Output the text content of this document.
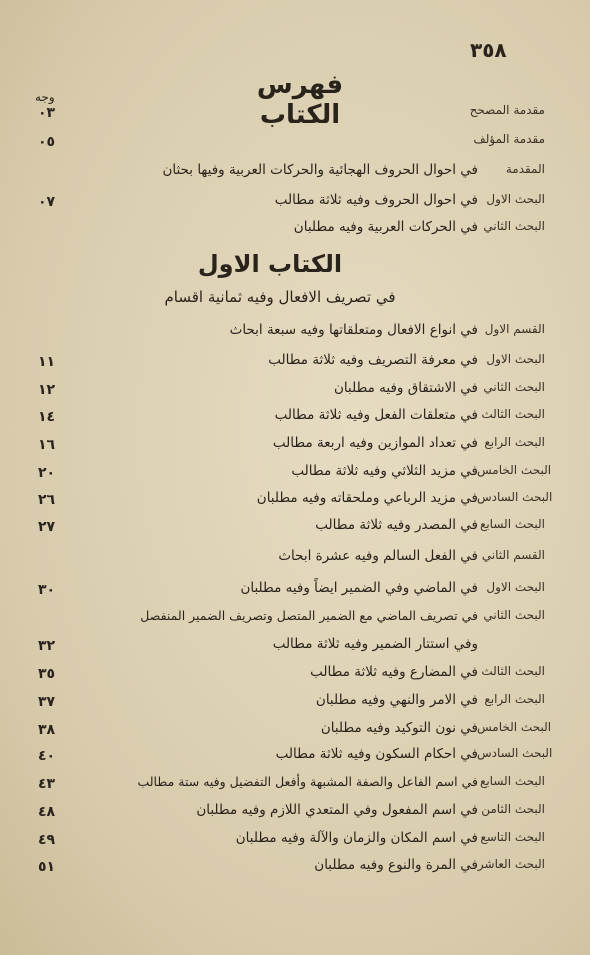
٣٥٨
فهرس الكتاب
وجه
مقدمة المصحح
٠٣
مقدمة المؤلف
٠٥
المقدمة
في احوال الحروف الهجائية والحركات العربية وفيها بحثان
البحث الاول
في احوال الحروف وفيه ثلاثة مطالب
٠٧
البحث الثاني
في الحركات العربية وفيه مطلبان
الكتاب الاول
في تصريف الافعال وفيه ثمانية اقسام
القسم الاول
في انواع الافعال ومتعلقاتها وفيه سبعة ابحاث
البحث الاول
في معرفة التصريف وفيه ثلاثة مطالب
١١
البحث الثاني
في الاشتقاق وفيه مطلبان
١٢
البحث الثالث
في متعلقات الفعل وفيه ثلاثة مطالب
١٤
البحث الرابع
في تعداد الموازين وفيه اربعة مطالب
١٦
البحث الخامس
في مزيد الثلاثي وفيه ثلاثة مطالب
٢٠
البحث السادس
في مزيد الرباعي وملحقاته وفيه مطلبان
٢٦
البحث السابع
في المصدر وفيه ثلاثة مطالب
٢٧
القسم الثاني
في الفعل السالم وفيه عشرة ابحاث
البحث الاول
في الماضي وفي الضمير ايضاً وفيه مطلبان
٣٠
البحث الثاني
في تصريف الماضي مع الضمير المتصل وتصريف الضمير المنفصل
وفي استتار الضمير وفيه ثلاثة مطالب
٣٢
البحث الثالث
في المضارع وفيه ثلاثة مطالب
٣٥
البحث الرابع
في الامر والنهي وفيه مطلبان
٣٧
البحث الخامس
في نون التوكيد وفيه مطلبان
٣٨
البحث السادس
في احكام السكون وفيه ثلاثة مطالب
٤٠
البحث السابع
في اسم الفاعل والصفة المشبهة وأفعل التفضيل وفيه ستة مطالب
٤٣
البحث الثامن
في اسم المفعول وفي المتعدي اللازم وفيه مطلبان
٤٨
البحث التاسع
في اسم المكان والزمان والآلة وفيه مطلبان
٤٩
البحث العاشر
في المرة والنوع وفيه مطلبان
٥١
